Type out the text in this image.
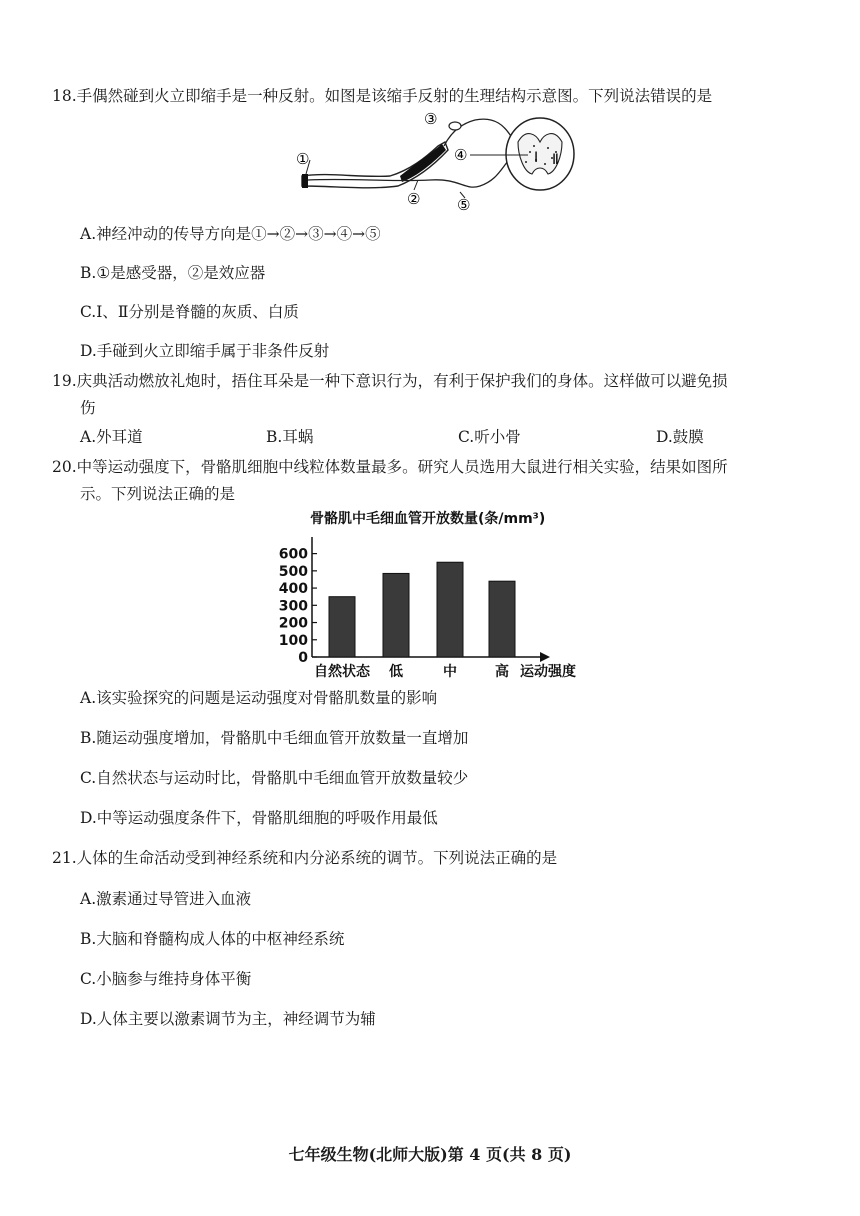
18.手偶然碰到火立即缩手是一种反射。如图是该缩手反射的生理结构示意图。下列说法错误的是
①
②
③
④
⑤
Ⅰ Ⅱ
A.神经冲动的传导方向是①→②→③→④→⑤
B.①是感受器，②是效应器
C.Ⅰ、Ⅱ分别是脊髓的灰质、白质
D.手碰到火立即缩手属于非条件反射
19.庆典活动燃放礼炮时，捂住耳朵是一种下意识行为，有利于保护我们的身体。这样做可以避免损
伤
A.外耳道	B.耳蜗	C.听小骨	D.鼓膜
20.中等运动强度下，骨骼肌细胞中线粒体数量最多。研究人员选用大鼠进行相关实验，结果如图所
示。下列说法正确的是
骨骼肌中毛细血管开放数量(条/mm³)
600
500
400
300
200
100
0
自然状态 低	中	高 运动强度
A.该实验探究的问题是运动强度对骨骼肌数量的影响
B.随运动强度增加，骨骼肌中毛细血管开放数量一直增加
C.自然状态与运动时比，骨骼肌中毛细血管开放数量较少
D.中等运动强度条件下，骨骼肌细胞的呼吸作用最低
21.人体的生命活动受到神经系统和内分泌系统的调节。下列说法正确的是
A.激素通过导管进入血液
B.大脑和脊髓构成人体的中枢神经系统
C.小脑参与维持身体平衡
D.人体主要以激素调节为主，神经调节为辅
七年级生物(北师大版)第 4 页(共 8 页)
